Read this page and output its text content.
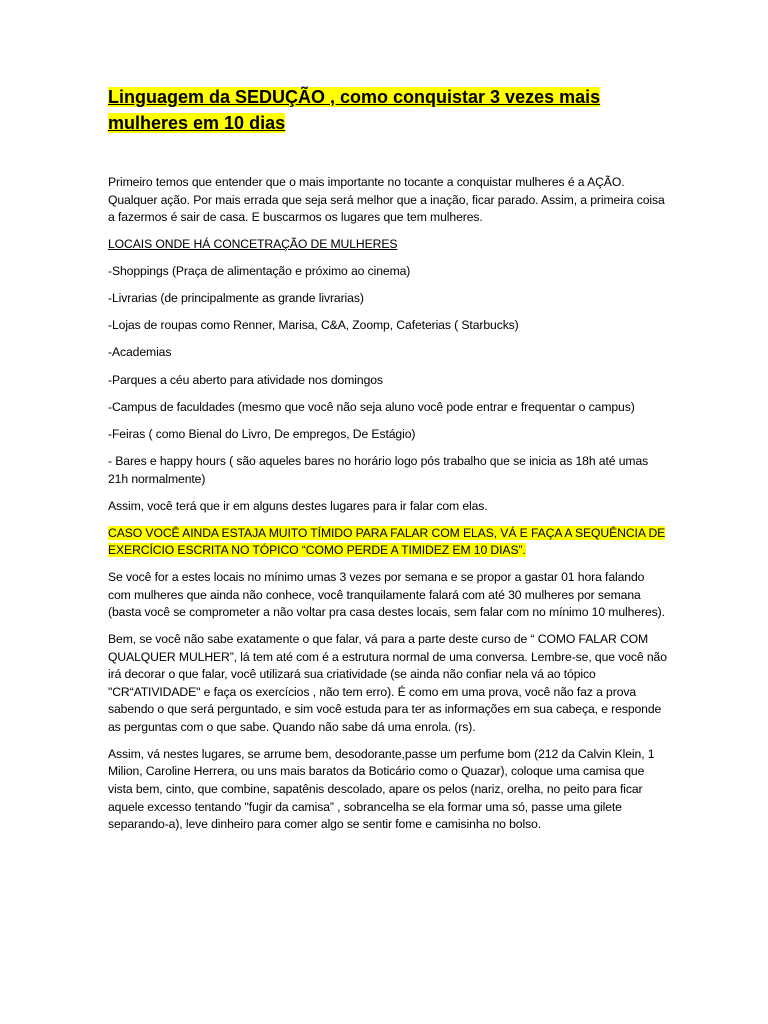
Linguagem da SEDUÇÃO , como conquistar 3 vezes mais mulheres em 10 dias

Primeiro temos que entender que o mais importante no tocante a conquistar mulheres é a AÇÃO. Qualquer ação. Por mais errada que seja será melhor que a inação, ficar parado. Assim, a primeira coisa a fazermos é sair de casa. E buscarmos os lugares que tem mulheres.

LOCAIS ONDE HÁ CONCETRAÇÃO DE MULHERES

-Shoppings (Praça de alimentação e próximo ao cinema)

-Livrarias (de principalmente as grande livrarias)

-Lojas de roupas como Renner, Marisa, C&A, Zoomp, Cafeterias ( Starbucks)

-Academias

-Parques a céu aberto para atividade nos domingos

-Campus de faculdades (mesmo que você não seja aluno você pode entrar e frequentar o campus)

-Feiras ( como Bienal do Livro, De empregos, De Estágio)

- Bares e happy hours ( são aqueles bares no horário logo pós trabalho que se inicia as 18h até umas 21h normalmente)

Assim, você terá que ir em alguns destes lugares para ir falar com elas.

CASO VOCÊ AINDA ESTAJA MUITO TÍMIDO PARA FALAR COM ELAS, VÁ E FAÇA A SEQUÊNCIA DE EXERCÍCIO ESCRITA NO TÓPICO “COMO PERDE A TIMIDEZ EM 10 DIAS”.

Se você for a estes locais no mínimo umas 3 vezes por semana e se propor a gastar 01 hora falando com mulheres que ainda não conhece, você tranquilamente falará com até 30 mulheres por semana (basta você se comprometer a não voltar pra casa destes locais, sem falar com no mínimo 10 mulheres).

Bem, se você não sabe exatamente o que falar, vá para a parte deste curso de “ COMO FALAR COM QUALQUER MULHER”, lá tem até com é a estrutura normal de uma conversa. Lembre-se, que você não irá decorar o que falar, você utilizará sua criatividade (se ainda não confiar nela vá ao tópico "CR“ATIVIDADE" e faça os exercícios , não tem erro). É como em uma prova, você não faz a prova sabendo o que será perguntado, e sim você estuda para ter as informações em sua cabeça, e responde as perguntas com o que sabe. Quando não sabe dá uma enrola. (rs).

Assim, vá nestes lugares, se arrume bem, desodorante,passe um perfume bom (212 da Calvin Klein, 1 Milion, Caroline Herrera, ou uns mais baratos da Boticário como o Quazar), coloque uma camisa que vista bem, cinto, que combine, sapatênis descolado, apare os pelos (nariz, orelha, no peito para ficar aquele excesso tentando "fugir da camisa” , sobrancelha se ela formar uma só, passe uma gilete separando-a), leve dinheiro para comer algo se sentir fome e camisinha no bolso.
